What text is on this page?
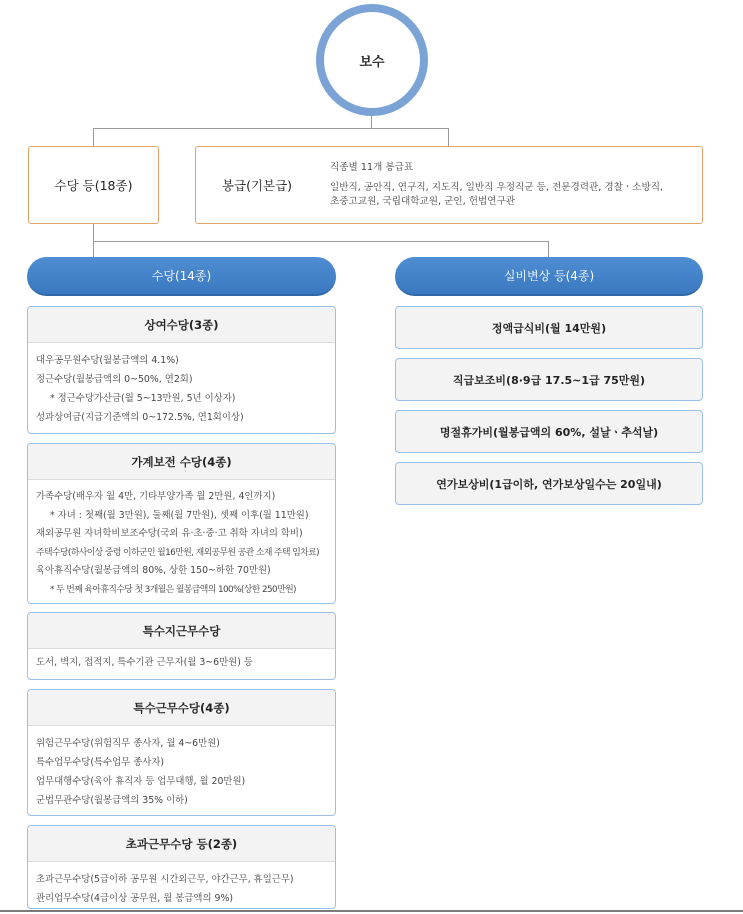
보수
수당 등(18종)	봉급(기본급)
직종별 11개 봉급표
일반직, 공안직, 연구직, 지도직, 일반직 우정직군 등, 전문경력관, 경찰ㆍ소방직,
초중고교원, 국립대학교원, 군인, 헌법연구관
수당(14종)	실비변상 등(4종)
상여수당(3종)
대우공무원수당(월봉급액의 4.1%)
정근수당(월봉급액의 0~50%, 연2회)
* 정근수당가산금(월 5~13만원, 5년 이상자)
성과상여금(지급기준액의 0~172.5%, 연1회이상)
가계보전 수당(4종)
가족수당(배우자 월 4만, 기타부양가족 월 2만원, 4인까지)
* 자녀 : 첫째(월 3만원), 둘째(월 7만원), 셋째 이후(월 11만원)
재외공무원 자녀학비보조수당(국외 유·초·중·고 취학 자녀의 학비)
주택수당(하사이상 중령 이하군인 월16만원, 재외공무원 공관 소재 주택 임차료)
육아휴직수당(월봉급액의 80%, 상한 150~하한 70만원)
* 두 번째 육아휴직수당 첫 3개월은 월봉급액의 100%(상한 250만원)
특수지근무수당
도서, 벽지, 접적지, 특수기관 근무자(월 3~6만원) 등
특수근무수당(4종)
위험근무수당(위험직무 종사자, 월 4~6만원)
특수업무수당(특수업무 종사자)
업무대행수당(육아 휴직자 등 업무대행, 월 20만원)
군법무관수당(월봉급액의 35% 이하)
초과근무수당 등(2종)
초과근무수당(5급이하 공무원 시간외근무, 야간근무, 휴일근무)
관리업무수당(4급이상 공무원, 월 봉급액의 9%)
정액급식비(월 14만원)
직급보조비(8·9급 17.5~1급 75만원)
명절휴가비(월봉급액의 60%, 설날ㆍ추석날)
연가보상비(1급이하, 연가보상일수는 20일내)
